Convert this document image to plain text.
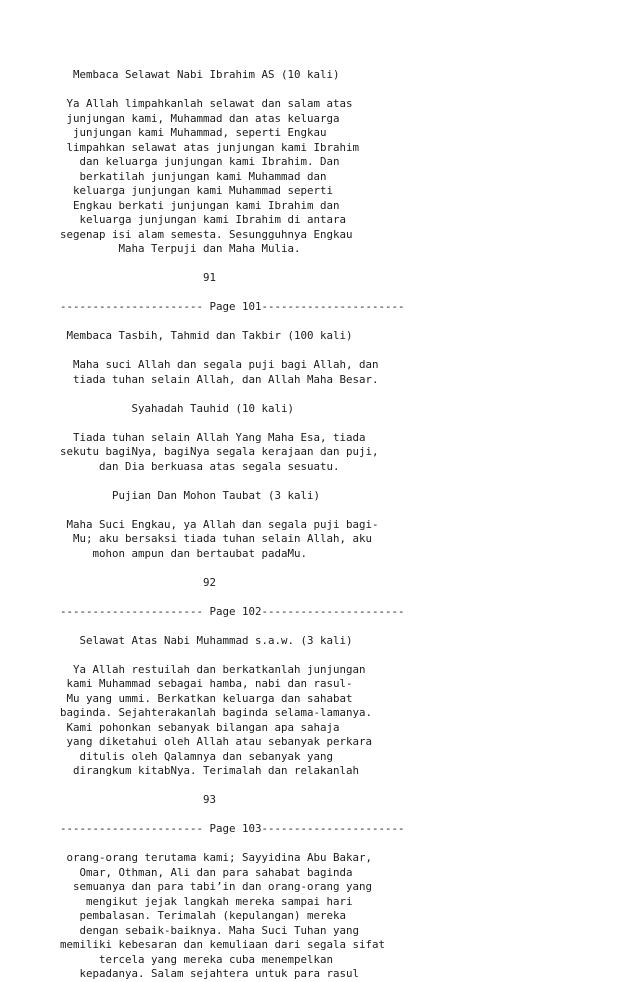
Membaca Selawat Nabi Ibrahim AS (10 kali)
Ya Allah limpahkanlah selawat dan salam atas
junjungan kami, Muhammad dan atas keluarga
junjungan kami Muhammad, seperti Engkau
limpahkan selawat atas junjungan kami Ibrahim
dan keluarga junjungan kami Ibrahim. Dan
berkatilah junjungan kami Muhammad dan
keluarga junjungan kami Muhammad seperti
Engkau berkati junjungan kami Ibrahim dan
keluarga junjungan kami Ibrahim di antara
segenap isi alam semesta. Sesungguhnya Engkau
Maha Terpuji dan Maha Mulia.
91
---------------------- Page 101----------------------
Membaca Tasbih, Tahmid dan Takbir (100 kali)
Maha suci Allah dan segala puji bagi Allah, dan
tiada tuhan selain Allah, dan Allah Maha Besar.
Syahadah Tauhid (10 kali)
Tiada tuhan selain Allah Yang Maha Esa, tiada
sekutu bagiNya, bagiNya segala kerajaan dan puji,
dan Dia berkuasa atas segala sesuatu.
Pujian Dan Mohon Taubat (3 kali)
Maha Suci Engkau, ya Allah dan segala puji bagi-
Mu; aku bersaksi tiada tuhan selain Allah, aku
mohon ampun dan bertaubat padaMu.
92
---------------------- Page 102----------------------
Selawat Atas Nabi Muhammad s.a.w. (3 kali)
Ya Allah restuilah dan berkatkanlah junjungan
kami Muhammad sebagai hamba, nabi dan rasul-
Mu yang ummi. Berkatkan keluarga dan sahabat
baginda. Sejahterakanlah baginda selama-lamanya.
Kami pohonkan sebanyak bilangan apa sahaja
yang diketahui oleh Allah atau sebanyak perkara
ditulis oleh Qalamnya dan sebanyak yang
dirangkum kitabNya. Terimalah dan relakanlah
93
---------------------- Page 103----------------------
orang-orang terutama kami; Sayyidina Abu Bakar,
Omar, Othman, Ali dan para sahabat baginda
semuanya dan para tabi’in dan orang-orang yang
mengikut jejak langkah mereka sampai hari
pembalasan. Terimalah (kepulangan) mereka
dengan sebaik-baiknya. Maha Suci Tuhan yang
memiliki kebesaran dan kemuliaan dari segala sifat
tercela yang mereka cuba menempelkan
kepadanya. Salam sejahtera untuk para rasul
